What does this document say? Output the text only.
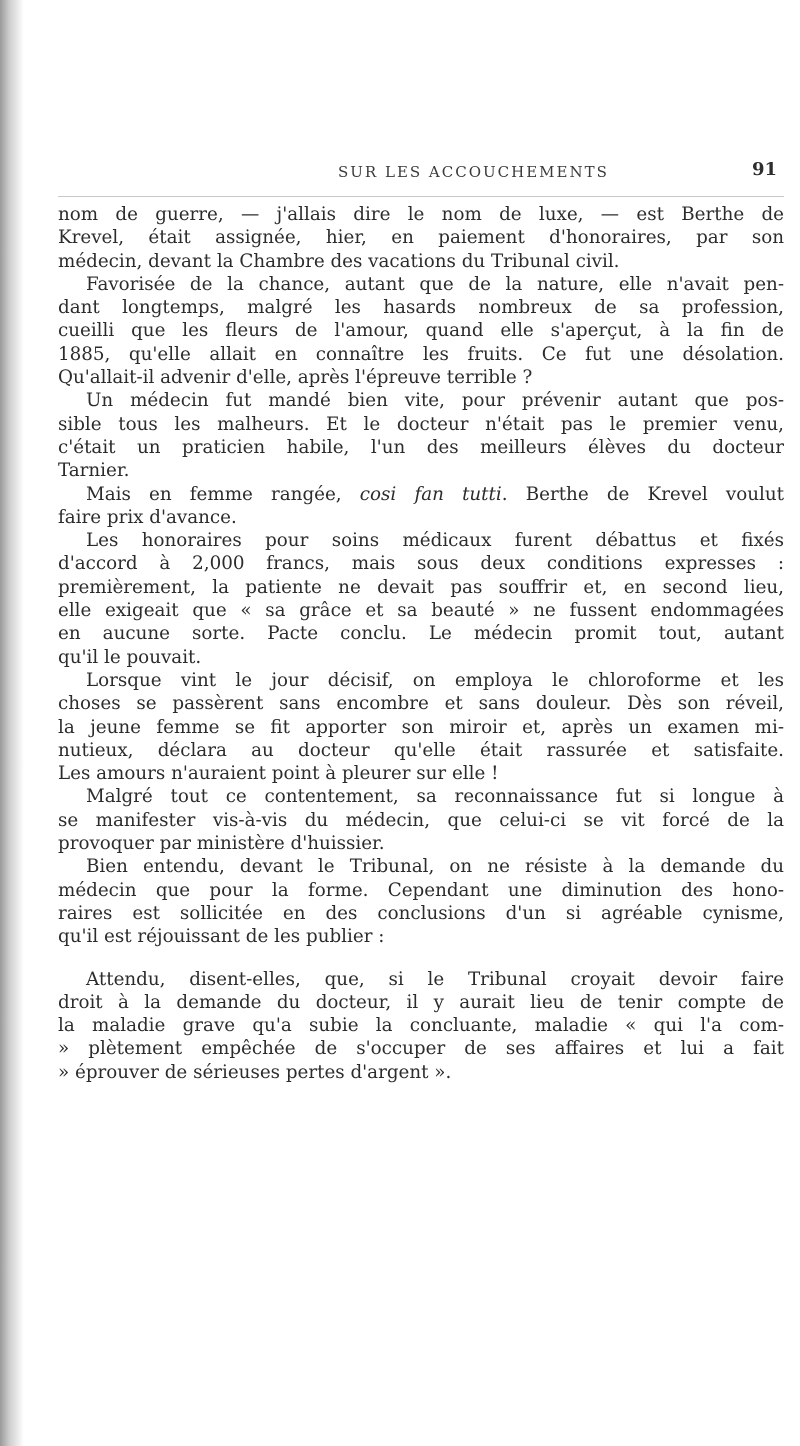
SUR LES ACCOUCHEMENTS	91
nom de guerre, — j'allais dire le nom de luxe, — est Berthe de
Krevel, était assignée, hier, en paiement d'honoraires, par son
médecin, devant la Chambre des vacations du Tribunal civil.
Favorisée de la chance, autant que de la nature, elle n'avait pen-
dant longtemps, malgré les hasards nombreux de sa profession,
cueilli que les fleurs de l'amour, quand elle s'aperçut, à la fin de
1885, qu'elle allait en connaître les fruits. Ce fut une désolation.
Qu'allait-il advenir d'elle, après l'épreuve terrible ?
Un médecin fut mandé bien vite, pour prévenir autant que pos-
sible tous les malheurs. Et le docteur n'était pas le premier venu,
c'était un praticien habile, l'un des meilleurs élèves du docteur
Tarnier.
Mais en femme rangée, cosi fan tutti. Berthe de Krevel voulut
faire prix d'avance.
Les honoraires pour soins médicaux furent débattus et fixés
d'accord à 2,000 francs, mais sous deux conditions expresses :
premièrement, la patiente ne devait pas souffrir et, en second lieu,
elle exigeait que « sa grâce et sa beauté » ne fussent endommagées
en aucune sorte. Pacte conclu. Le médecin promit tout, autant
qu'il le pouvait.
Lorsque vint le jour décisif, on employa le chloroforme et les
choses se passèrent sans encombre et sans douleur. Dès son réveil,
la jeune femme se fit apporter son miroir et, après un examen mi-
nutieux, déclara au docteur qu'elle était rassurée et satisfaite.
Les amours n'auraient point à pleurer sur elle !
Malgré tout ce contentement, sa reconnaissance fut si longue à
se manifester vis-à-vis du médecin, que celui-ci se vit forcé de la
provoquer par ministère d'huissier.
Bien entendu, devant le Tribunal, on ne résiste à la demande du
médecin que pour la forme. Cependant une diminution des hono-
raires est sollicitée en des conclusions d'un si agréable cynisme,
qu'il est réjouissant de les publier :
Attendu, disent-elles, que, si le Tribunal croyait devoir faire
droit à la demande du docteur, il y aurait lieu de tenir compte de
la maladie grave qu'a subie la concluante, maladie « qui l'a com-
» plètement empêchée de s'occuper de ses affaires et lui a fait
» éprouver de sérieuses pertes d'argent ».
